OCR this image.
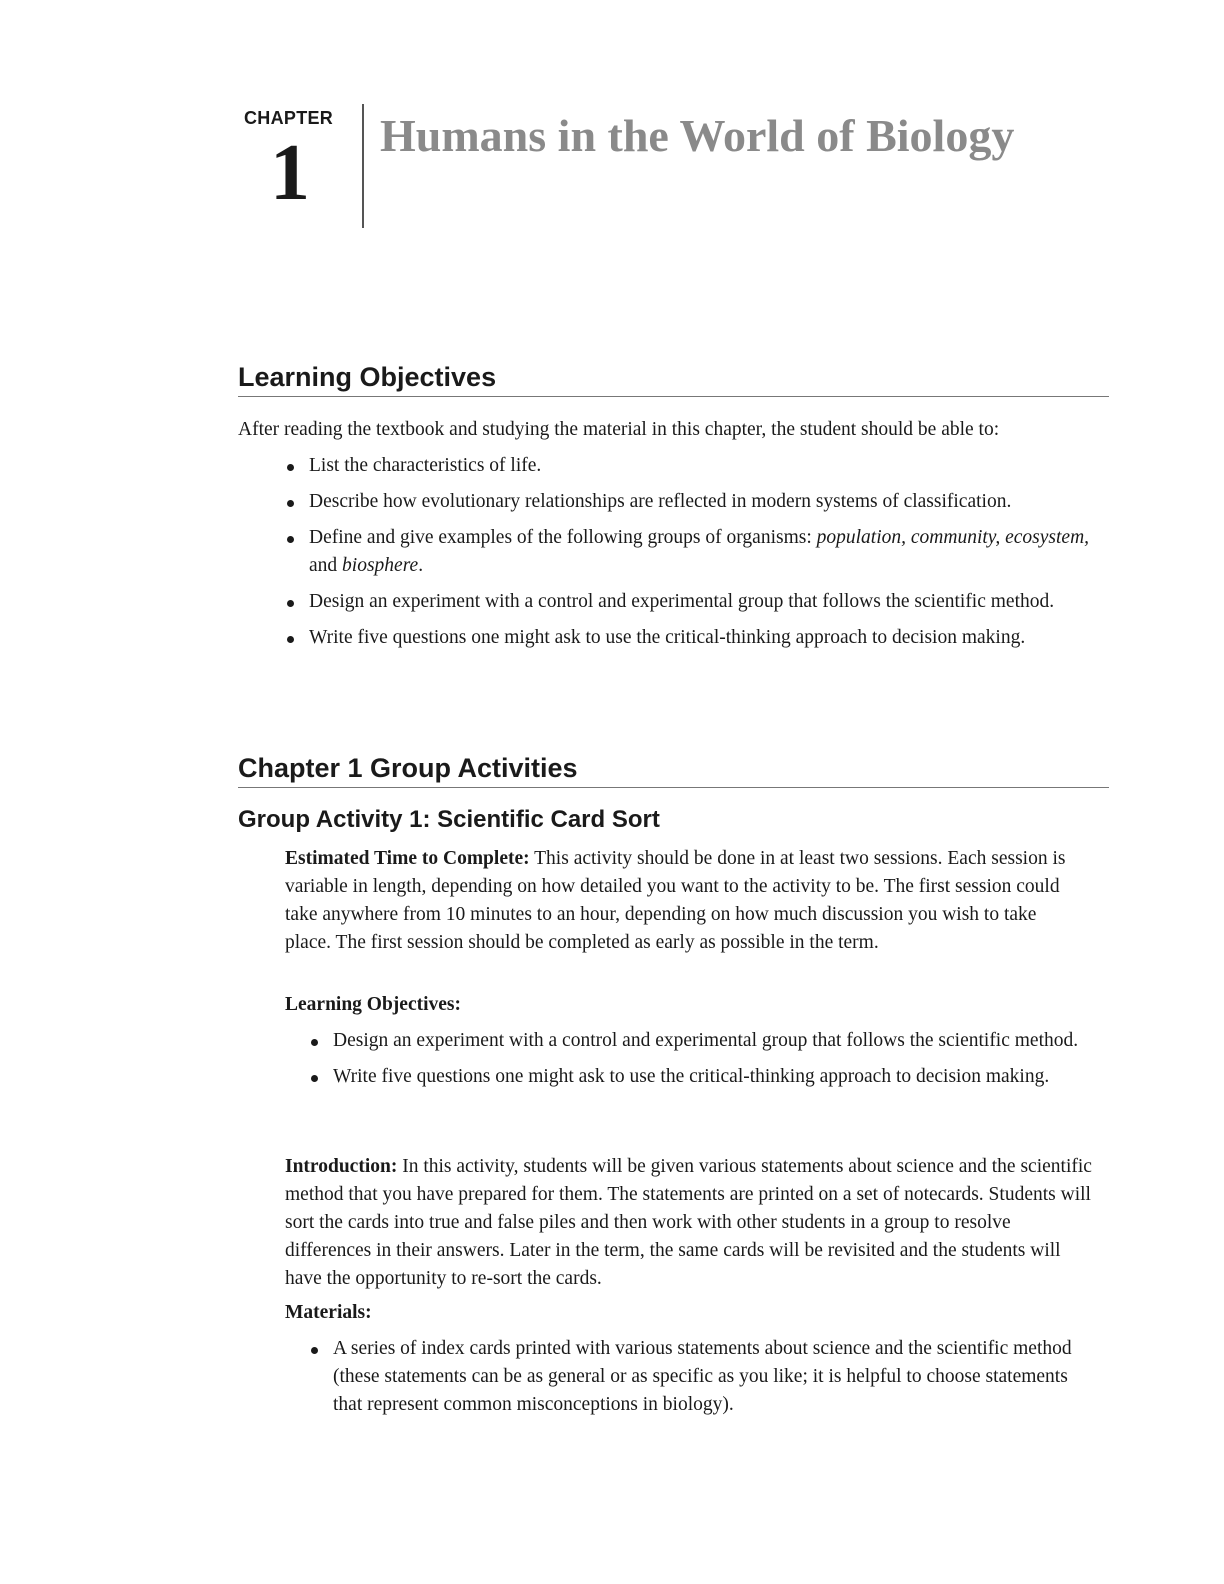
CHAPTER
1 Humans in the World of Biology
Learning Objectives
After reading the textbook and studying the material in this chapter, the student should be able to:
List the characteristics of life.
Describe how evolutionary relationships are reflected in modern systems of classification.
Define and give examples of the following groups of organisms: population, community, ecosystem, and biosphere.
Design an experiment with a control and experimental group that follows the scientific method.
Write five questions one might ask to use the critical-thinking approach to decision making.
Chapter 1 Group Activities
Group Activity 1: Scientific Card Sort
Estimated Time to Complete: This activity should be done in at least two sessions. Each session is variable in length, depending on how detailed you want to the activity to be. The first session could take anywhere from 10 minutes to an hour, depending on how much discussion you wish to take place. The first session should be completed as early as possible in the term.
Learning Objectives:
Design an experiment with a control and experimental group that follows the scientific method.
Write five questions one might ask to use the critical-thinking approach to decision making.
Introduction: In this activity, students will be given various statements about science and the scientific method that you have prepared for them. The statements are printed on a set of notecards. Students will sort the cards into true and false piles and then work with other students in a group to resolve differences in their answers. Later in the term, the same cards will be revisited and the students will have the opportunity to re-sort the cards.
Materials:
A series of index cards printed with various statements about science and the scientific method (these statements can be as general or as specific as you like; it is helpful to choose statements that represent common misconceptions in biology).
